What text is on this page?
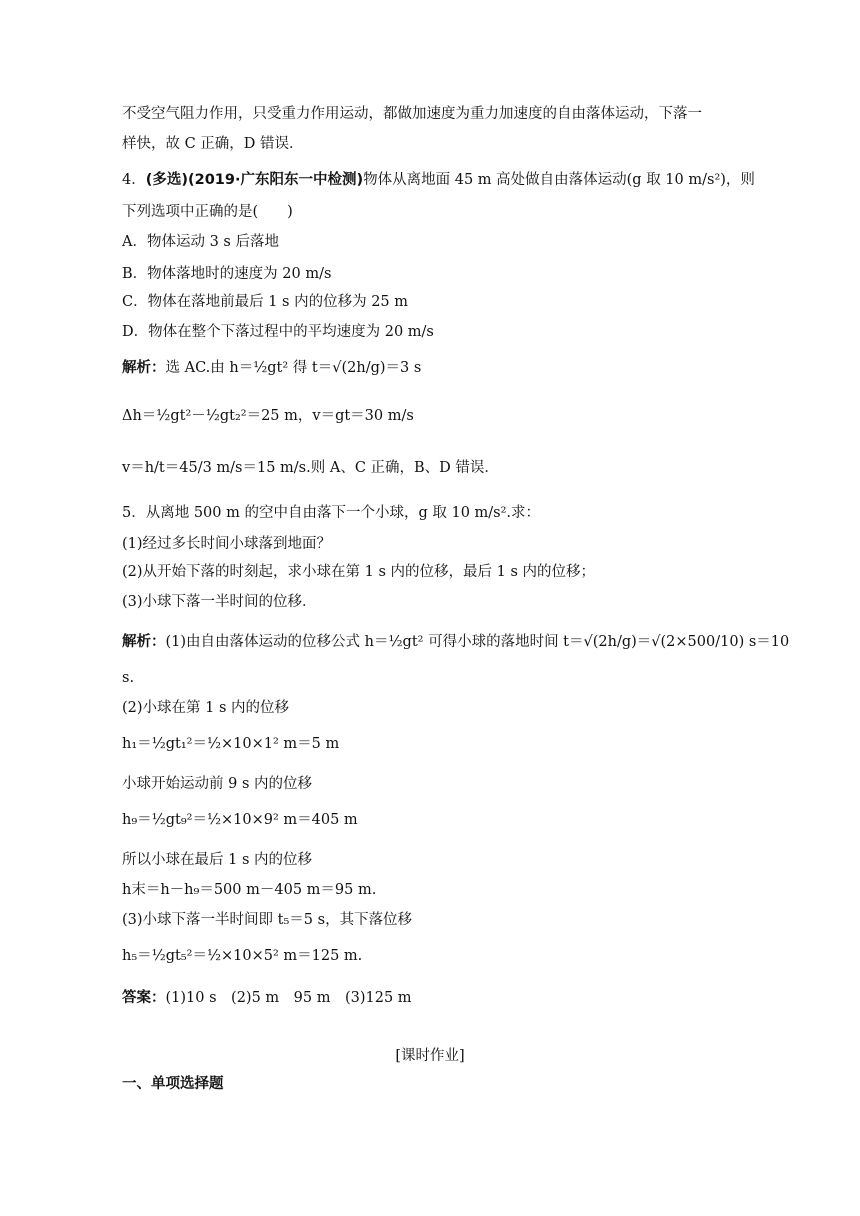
不受空气阻力作用，只受重力作用运动，都做加速度为重力加速度的自由落体运动，下落一
样快，故 C 正确，D 错误．
4．(多选)(2019·广东阳东一中检测)物体从离地面 45 m 高处做自由落体运动(g 取 10 m/s²)，则
下列选项中正确的是(　　)
A．物体运动 3 s 后落地
B．物体落地时的速度为 20 m/s
C．物体在落地前最后 1 s 内的位移为 25 m
D．物体在整个下落过程中的平均速度为 20 m/s
解析：选 AC.由 h＝½gt² 得 t＝√(2h/g)＝3 s
Δh＝½gt²－½gt₂²＝25 m，v＝gt＝30 m/s
v＝h/t＝45/3 m/s＝15 m/s.则 A、C 正确，B、D 错误．
5．从离地 500 m 的空中自由落下一个小球，g 取 10 m/s².求：
(1)经过多长时间小球落到地面？
(2)从开始下落的时刻起，求小球在第 1 s 内的位移，最后 1 s 内的位移；
(3)小球下落一半时间的位移．
解析：(1)由自由落体运动的位移公式 h＝½gt² 可得小球的落地时间 t＝√(2h/g)＝√(2×500/10) s＝10
s.
(2)小球在第 1 s 内的位移
h₁＝½gt₁²＝½×10×1² m＝5 m
小球开始运动前 9 s 内的位移
h₉＝½gt₉²＝½×10×9² m＝405 m
所以小球在最后 1 s 内的位移
h末＝h－h₉＝500 m－405 m＝95 m.
(3)小球下落一半时间即 t₅＝5 s，其下落位移
h₅＝½gt₅²＝½×10×5² m＝125 m.
答案：(1)10 s　(2)5 m　95 m　(3)125 m
[课时作业]
一、单项选择题
